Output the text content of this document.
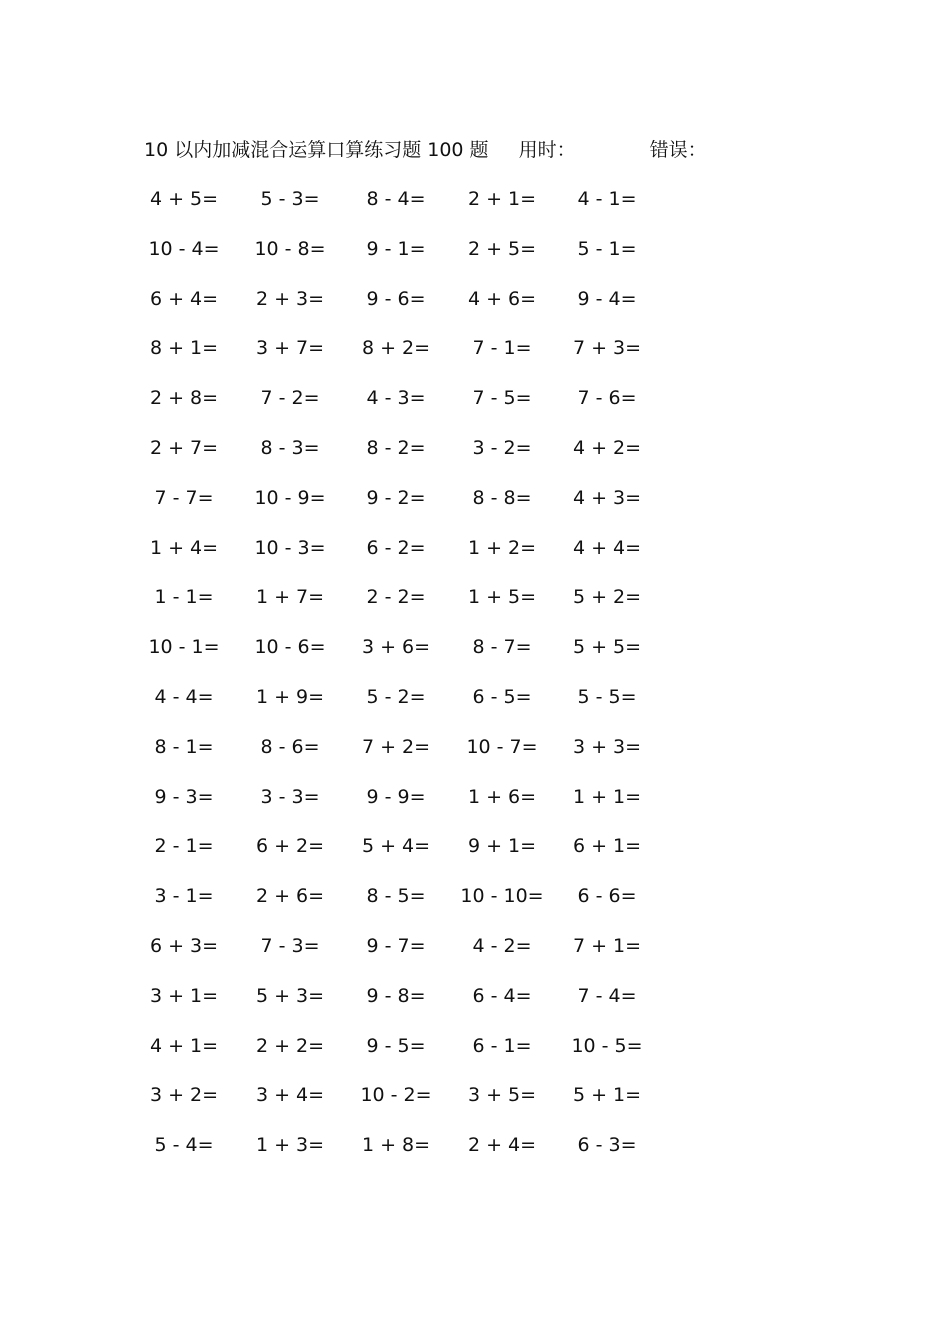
10 以内加减混合运算口算练习题 100 题 用时：	错误：
4 + 5=	5 - 3=	8 - 4=	2 + 1=	4 - 1=
10 - 4=	10 - 8=	9 - 1=	2 + 5=	5 - 1=
6 + 4=	2 + 3=	9 - 6=	4 + 6=	9 - 4=
8 + 1=	3 + 7=	8 + 2=	7 - 1=	7 + 3=
2 + 8=	7 - 2=	4 - 3=	7 - 5=	7 - 6=
2 + 7=	8 - 3=	8 - 2=	3 - 2=	4 + 2=
7 - 7=	10 - 9=	9 - 2=	8 - 8=	4 + 3=
1 + 4=	10 - 3=	6 - 2=	1 + 2=	4 + 4=
1 - 1=	1 + 7=	2 - 2=	1 + 5=	5 + 2=
10 - 1=	10 - 6=	3 + 6=	8 - 7=	5 + 5=
4 - 4=	1 + 9=	5 - 2=	6 - 5=	5 - 5=
8 - 1=	8 - 6=	7 + 2=	10 - 7=	3 + 3=
9 - 3=	3 - 3=	9 - 9=	1 + 6=	1 + 1=
2 - 1=	6 + 2=	5 + 4=	9 + 1=	6 + 1=
3 - 1=	2 + 6=	8 - 5=	10 - 10=	6 - 6=
6 + 3=	7 - 3=	9 - 7=	4 - 2=	7 + 1=
3 + 1=	5 + 3=	9 - 8=	6 - 4=	7 - 4=
4 + 1=	2 + 2=	9 - 5=	6 - 1=	10 - 5=
3 + 2=	3 + 4=	10 - 2=	3 + 5=	5 + 1=
5 - 4=	1 + 3=	1 + 8=	2 + 4=	6 - 3=
